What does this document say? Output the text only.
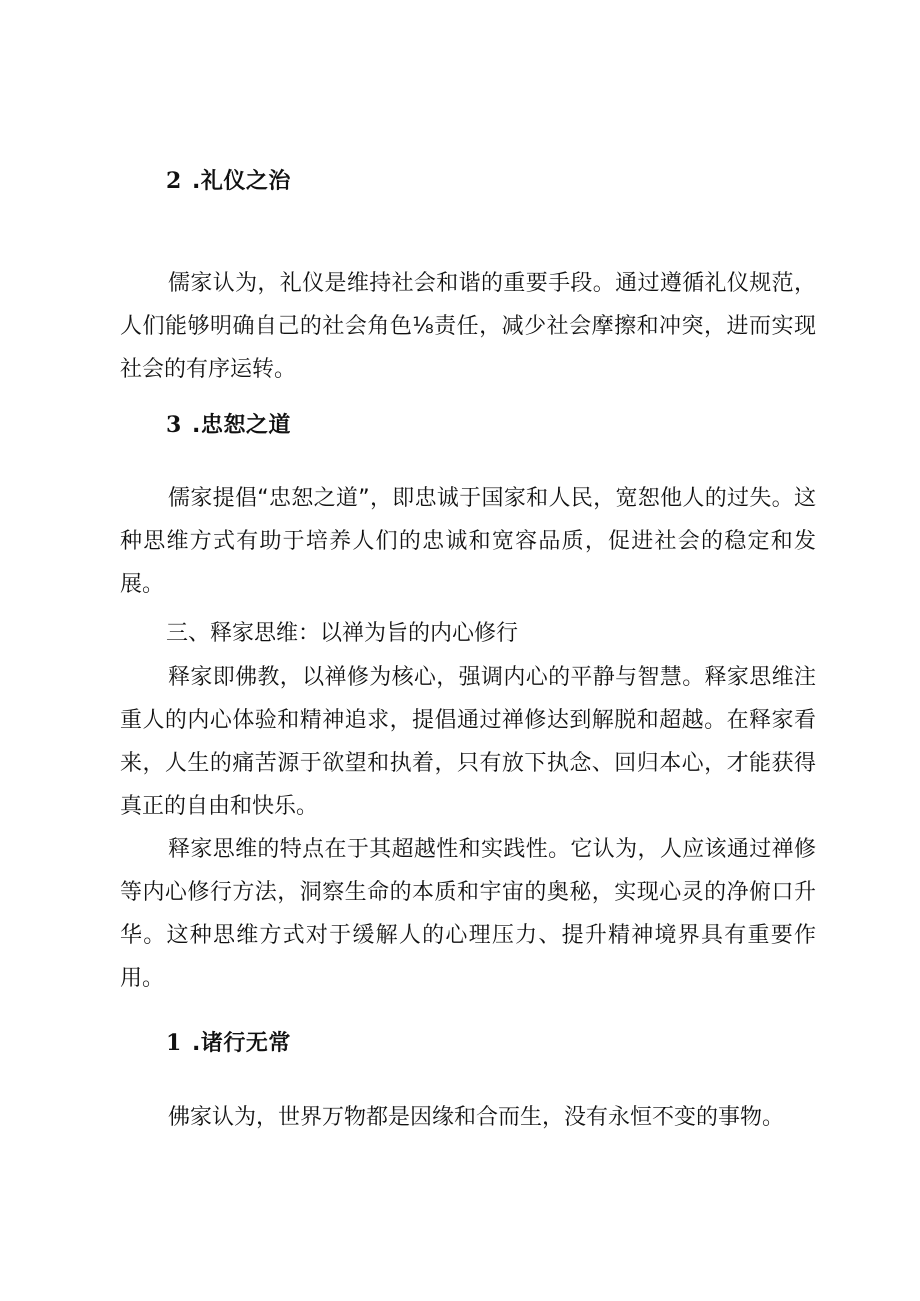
2 .礼仪之治

儒家认为，礼仪是维持社会和谐的重要手段。通过遵循礼仪规范，人们能够明确自己的社会角色⅛责任，减少社会摩擦和冲突，进而实现社会的有序运转。

3 .忠恕之道

儒家提倡“忠恕之道”，即忠诚于国家和人民，宽恕他人的过失。这种思维方式有助于培养人们的忠诚和宽容品质，促进社会的稳定和发展。

三、释家思维：以禅为旨的内心修行

释家即佛教，以禅修为核心，强调内心的平静与智慧。释家思维注重人的内心体验和精神追求，提倡通过禅修达到解脱和超越。在释家看来，人生的痛苦源于欲望和执着，只有放下执念、回归本心，才能获得真正的自由和快乐。

释家思维的特点在于其超越性和实践性。它认为，人应该通过禅修等内心修行方法，洞察生命的本质和宇宙的奥秘，实现心灵的净俯口升华。这种思维方式对于缓解人的心理压力、提升精神境界具有重要作用。

1 .诸行无常

佛家认为，世界万物都是因缘和合而生，没有永恒不变的事物。
